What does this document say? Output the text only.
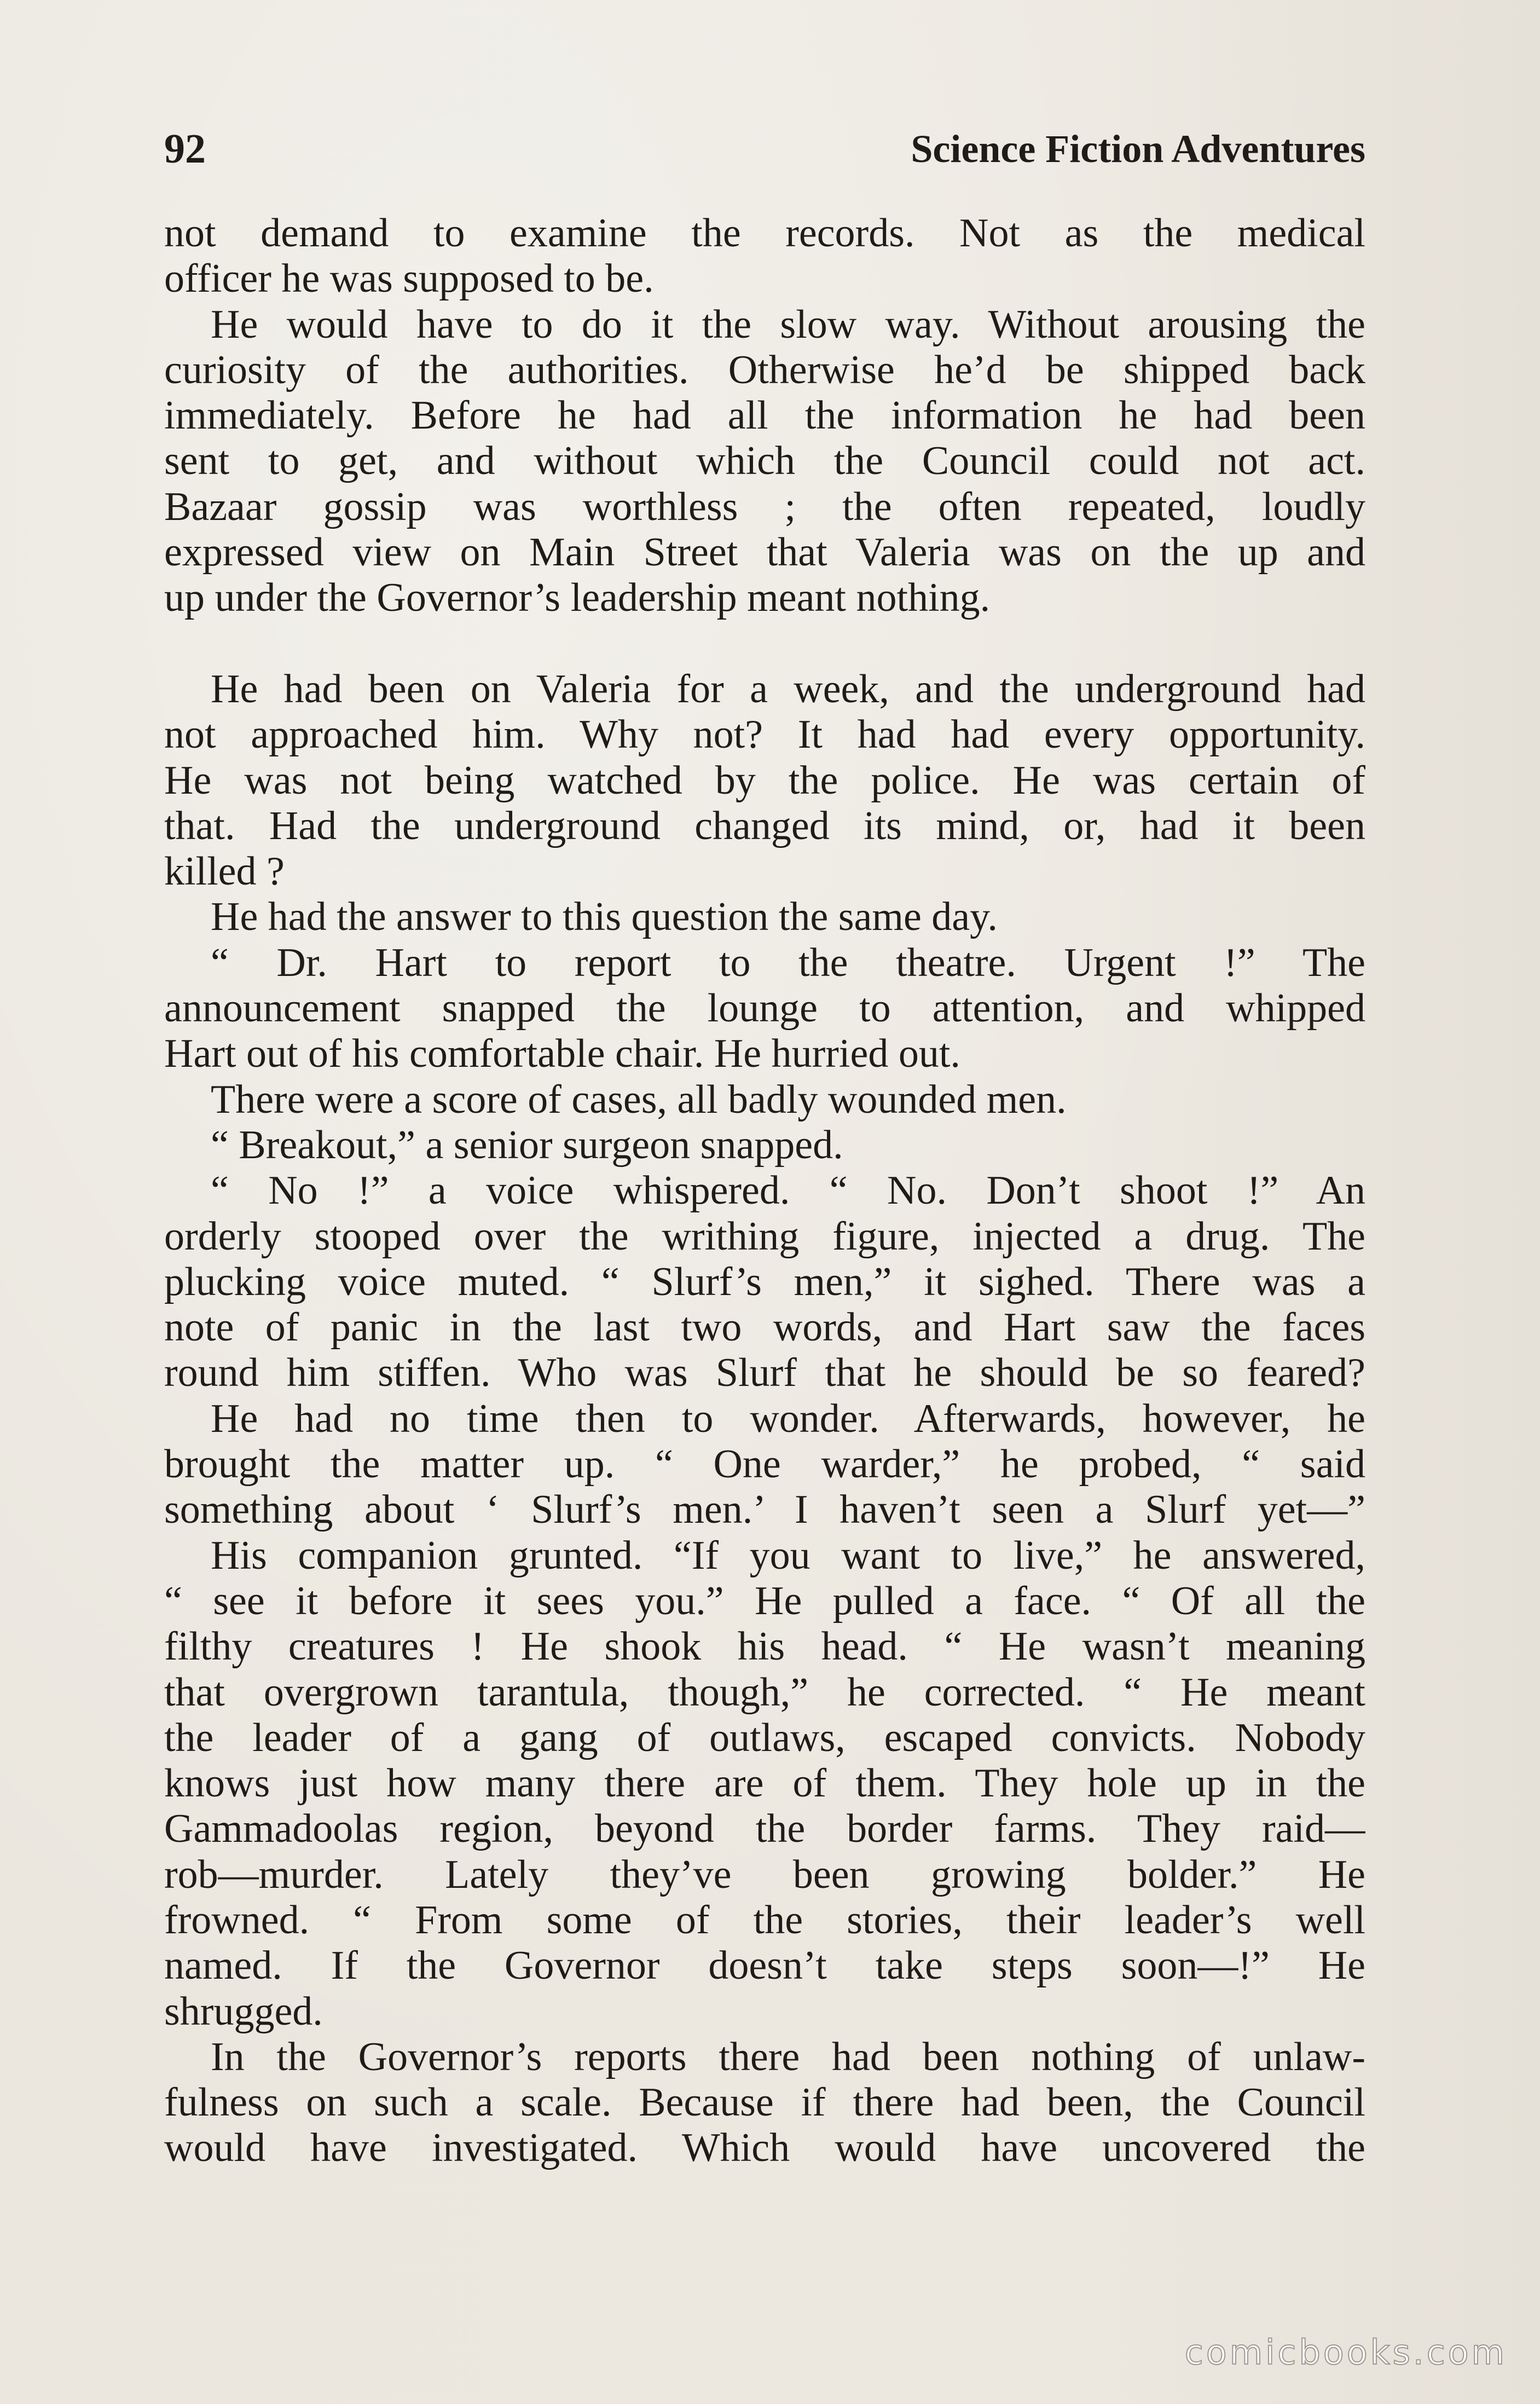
92	Science Fiction Adventures
not demand to examine the records. Not as the medical
officer he was supposed to be.
He would have to do it the slow way. Without arousing the
curiosity of the authorities. Otherwise he’d be shipped back
immediately. Before he had all the information he had been
sent to get, and without which the Council could not act.
Bazaar gossip was worthless ; the often repeated, loudly
expressed view on Main Street that Valeria was on the up and
up under the Governor’s leadership meant nothing.
He had been on Valeria for a week, and the underground had
not approached him. Why not? It had had every opportunity.
He was not being watched by the police. He was certain of
that. Had the underground changed its mind, or, had it been
killed ?
He had the answer to this question the same day.
“ Dr. Hart to report to the theatre. Urgent !” The
announcement snapped the lounge to attention, and whipped
Hart out of his comfortable chair. He hurried out.
There were a score of cases, all badly wounded men.
“ Breakout,” a senior surgeon snapped.
“ No !” a voice whispered. “ No. Don’t shoot !” An
orderly stooped over the writhing figure, injected a drug. The
plucking voice muted. “ Slurf’s men,” it sighed. There was a
note of panic in the last two words, and Hart saw the faces
round him stiffen. Who was Slurf that he should be so feared?
He had no time then to wonder. Afterwards, however, he
brought the matter up. “ One warder,” he probed, “ said
something about ‘ Slurf’s men.’ I haven’t seen a Slurf yet—”
His companion grunted. “If you want to live,” he answered,
“ see it before it sees you.” He pulled a face. “ Of all the
filthy creatures ! He shook his head. “ He wasn’t meaning
that overgrown tarantula, though,” he corrected. “ He meant
the leader of a gang of outlaws, escaped convicts. Nobody
knows just how many there are of them. They hole up in the
Gammadoolas region, beyond the border farms. They raid—
rob—murder. Lately they’ve been growing bolder.” He
frowned. “ From some of the stories, their leader’s well
named. If the Governor doesn’t take steps soon—!” He
shrugged.
In the Governor’s reports there had been nothing of unlaw-
fulness on such a scale. Because if there had been, the Council
would have investigated. Which would have uncovered the
comicbooks.com
